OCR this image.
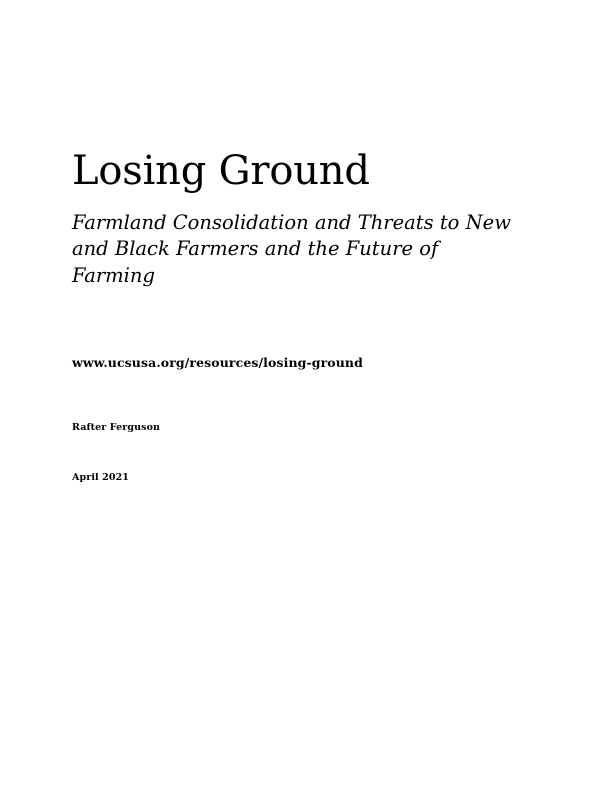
Losing Ground

Farmland Consolidation and Threats to New and Black Farmers and the Future of Farming

www.ucsusa.org/resources/losing-ground

Rafter Ferguson

April 2021
